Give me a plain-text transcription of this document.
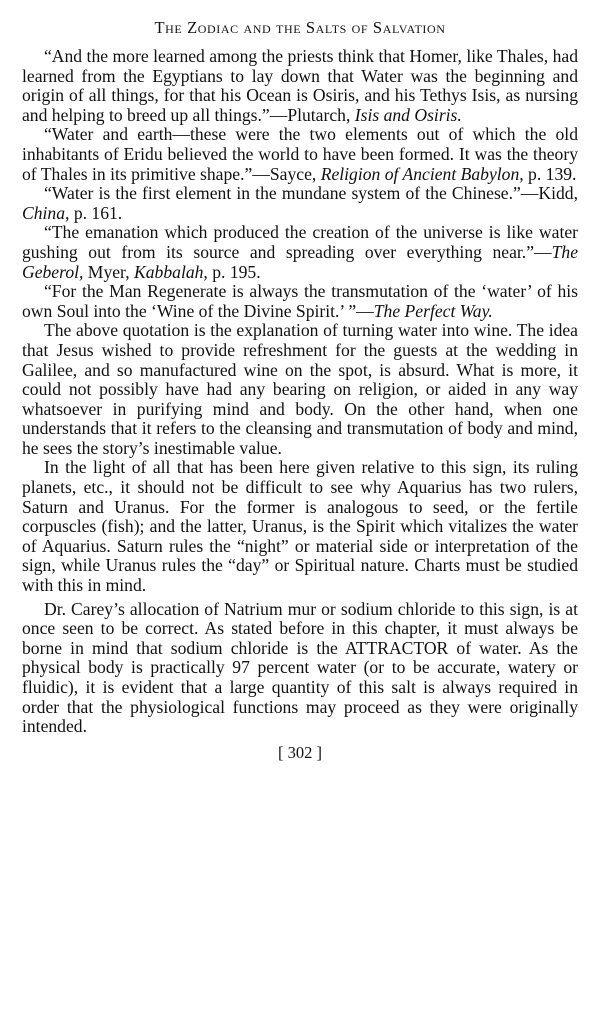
The Zodiac and the Salts of Salvation

“And the more learned among the priests think that Homer, like Thales, had learned from the Egyptians to lay down that Water was the beginning and origin of all things, for that his Ocean is Osiris, and his Tethys Isis, as nursing and helping to breed up all things.”—Plutarch, Isis and Osiris.

“Water and earth—these were the two elements out of which the old inhabitants of Eridu believed the world to have been formed. It was the theory of Thales in its primitive shape.”—Sayce, Religion of Ancient Babylon, p. 139.

“Water is the first element in the mundane system of the Chinese.”—Kidd, China, p. 161.

“The emanation which produced the creation of the universe is like water gushing out from its source and spreading over everything near.”—The Geberol, Myer, Kabbalah, p. 195.

“For the Man Regenerate is always the transmutation of the ‘water’ of his own Soul into the ‘Wine of the Divine Spirit.’ ”—The Perfect Way.

The above quotation is the explanation of turning water into wine. The idea that Jesus wished to provide refreshment for the guests at the wedding in Galilee, and so manufactured wine on the spot, is absurd. What is more, it could not possibly have had any bearing on religion, or aided in any way whatsoever in purifying mind and body. On the other hand, when one understands that it refers to the cleansing and transmutation of body and mind, he sees the story’s inestimable value.

In the light of all that has been here given relative to this sign, its ruling planets, etc., it should not be difficult to see why Aquarius has two rulers, Saturn and Uranus. For the former is analogous to seed, or the fertile corpuscles (fish); and the latter, Uranus, is the Spirit which vitalizes the water of Aquarius. Saturn rules the “night” or material side or interpretation of the sign, while Uranus rules the “day” or Spiritual nature. Charts must be studied with this in mind.

Dr. Carey’s allocation of Natrium mur or sodium chloride to this sign, is at once seen to be correct. As stated before in this chapter, it must always be borne in mind that sodium chloride is the ATTRACTOR of water. As the physical body is practically 97 percent water (or to be accurate, watery or fluidic), it is evident that a large quantity of this salt is always required in order that the physiological functions may proceed as they were originally intended.

[ 302 ]
